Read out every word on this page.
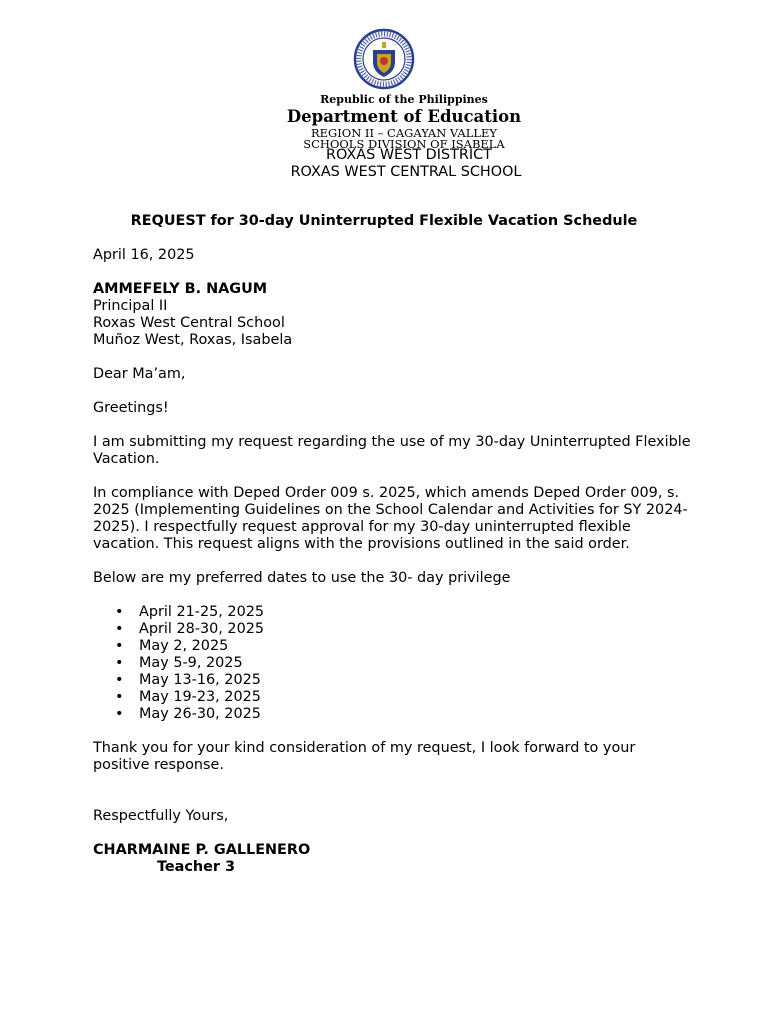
Republic of the Philippines
Department of Education
REGION II – CAGAYAN VALLEY
SCHOOLS DIVISION OF ISABELA
ROXAS WEST DISTRICT
ROXAS WEST CENTRAL SCHOOL
REQUEST for 30-day Uninterrupted Flexible Vacation Schedule

April 16, 2025

AMMEFELY B. NAGUM

Principal II

Roxas West Central School

Muñoz West, Roxas, Isabela

Dear Ma’am,

Greetings!

I am submitting my request regarding the use of my 30-day Uninterrupted Flexible Vacation.

In compliance with Deped Order 009 s. 2025, which amends Deped Order 009, s. 2025 (Implementing Guidelines on the School Calendar and Activities for SY 2024-2025). I respectfully request approval for my 30-day uninterrupted flexible vacation. This request aligns with the provisions outlined in the said order.

Below are my preferred dates to use the 30- day privilege

• April 21-25, 2025
• April 28-30, 2025
• May 2, 2025
• May 5-9, 2025
• May 13-16, 2025
• May 19-23, 2025
• May 26-30, 2025

Thank you for your kind consideration of my request, I look forward to your positive response.

Respectfully Yours,

CHARMAINE P. GALLENERO

Teacher 3
